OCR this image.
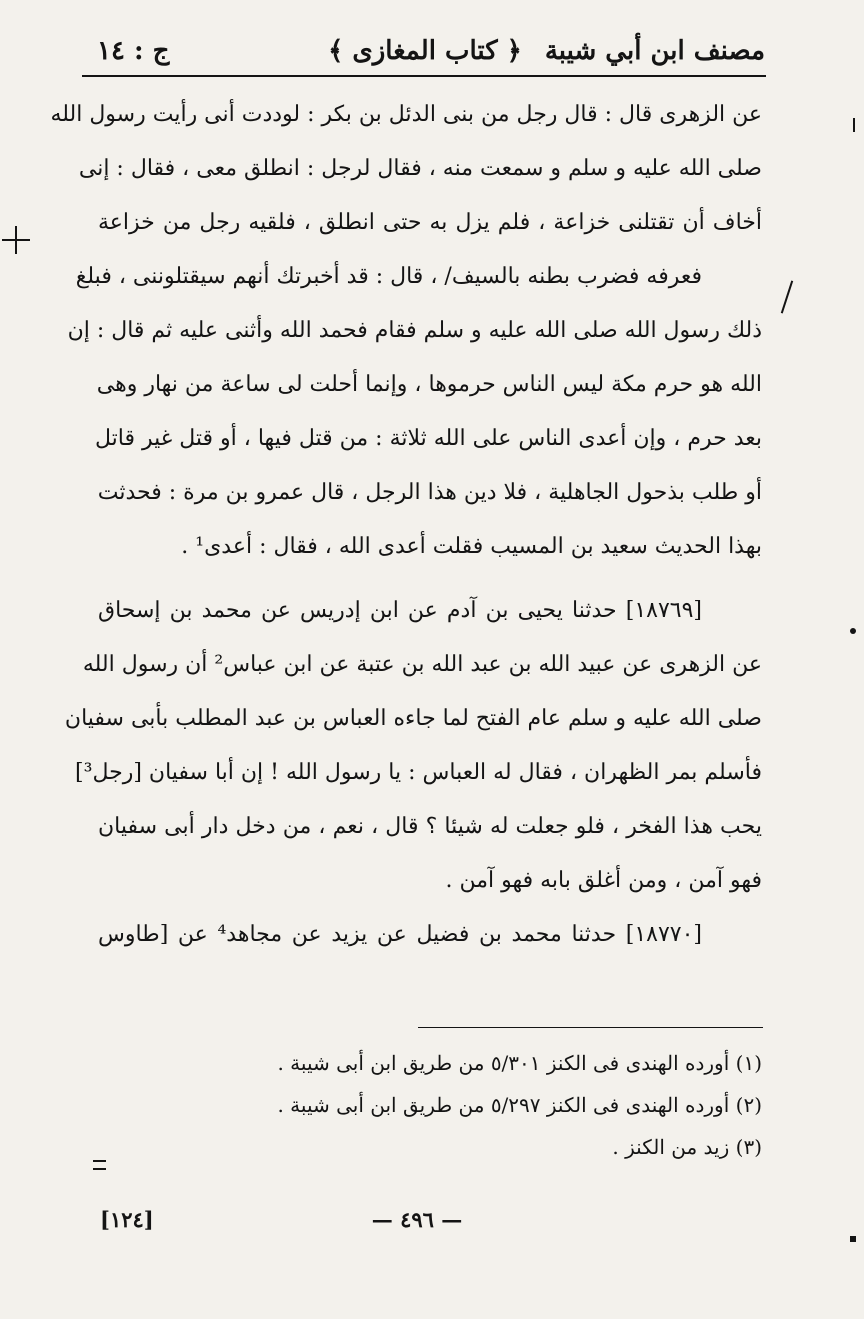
مصنف ابن أبي شيبة
﴿ كتاب المغازى ﴾
ج : ١٤
عن الزهرى قال : قال رجل من بنى الدئل بن بكر : لوددت أنى رأيت رسول الله
صلى الله عليه و سلم و سمعت منه ، فقال لرجل : انطلق معى ، فقال : إنى
أخاف أن تقتلنى خزاعة ، فلم يزل به حتى انطلق ، فلقيه رجل من خزاعة
فعرفه فضرب بطنه بالسيف/ ، قال : قد أخبرتك أنهم سيقتلوننى ، فبلغ
ذلك رسول الله صلى الله عليه و سلم فقام فحمد الله وأثنى عليه ثم قال : إن
الله هو حرم مكة ليس الناس حرموها ، وإنما أحلت لى ساعة من نهار وهى
بعد حرم ، وإن أعدى الناس على الله ثلاثة : من قتل فيها ، أو قتل غير قاتل
أو طلب بذحول الجاهلية ، فلا دين هذا الرجل ، قال عمرو بن مرة : فحدثت
بهذا الحديث سعيد بن المسيب فقلت أعدى الله ، فقال : أعدى¹ .
[١٨٧٦٩] حدثنا يحيى بن آدم عن ابن إدريس عن محمد بن إسحاق
عن الزهرى عن عبيد الله بن عبد الله بن عتبة عن ابن عباس² أن رسول الله
صلى الله عليه و سلم عام الفتح لما جاءه العباس بن عبد المطلب بأبى سفيان
فأسلم بمر الظهران ، فقال له العباس : يا رسول الله ! إن أبا سفيان [رجل³]
يحب هذا الفخر ، فلو جعلت له شيئا ؟ قال ، نعم ، من دخل دار أبى سفيان
فهو آمن ، ومن أغلق بابه فهو آمن .
[١٨٧٧٠] حدثنا محمد بن فضيل عن يزيد عن مجاهد⁴ عن [طاوس
(١) أورده الهندى فى الكنز ٥/٣٠١ من طريق ابن أبى شيبة .
(٢) أورده الهندى فى الكنز ٥/٢٩٧ من طريق ابن أبى شيبة .
(٣) زيد من الكنز .
— ٤٩٦ —
[١٢٤]
